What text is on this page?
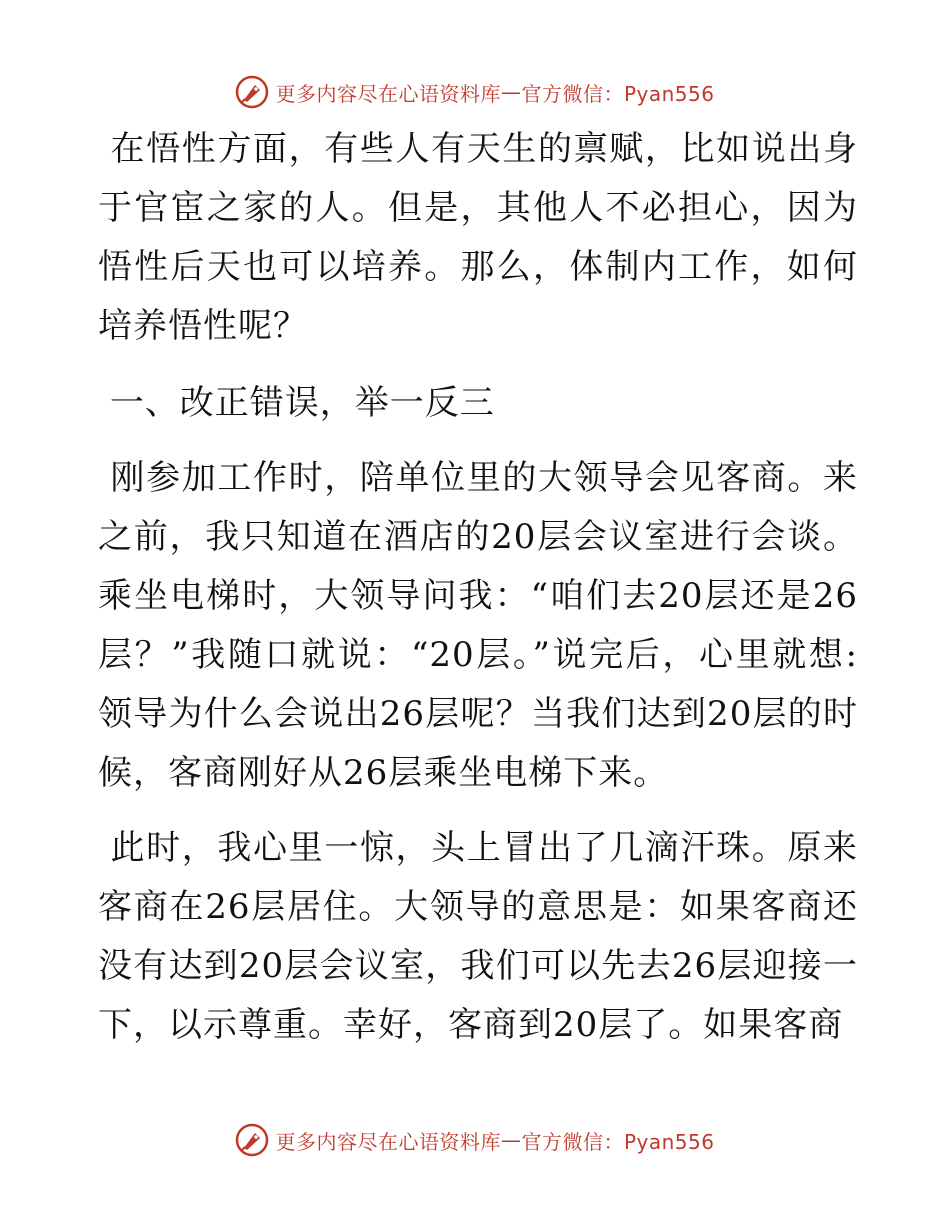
更多内容尽在心语资料库 — 官方微信：Pyan556

在悟性方面，有些人有天生的禀赋，比如说出身于官宦之家的人。但是，其他人不必担心，因为悟性后天也可以培养。那么，体制内工作，如何培养悟性呢？

一、改正错误，举一反三

刚参加工作时，陪单位里的大领导会见客商。来之前，我只知道在酒店的20层会议室进行会谈。乘坐电梯时，大领导问我：“咱们去20层还是26层？”我随口就说：“20层。”说完后，心里就想:领导为什么会说出26层呢？当我们达到20层的时候，客商刚好从26层乘坐电梯下来。

此时，我心里一惊，头上冒出了几滴汗珠。原来客商在26层居住。大领导的意思是：如果客商还没有达到20层会议室，我们可以先去26层迎接一下，以示尊重。幸好，客商到20层了。如果客商

更多内容尽在心语资料库 — 官方微信：Pyan556
